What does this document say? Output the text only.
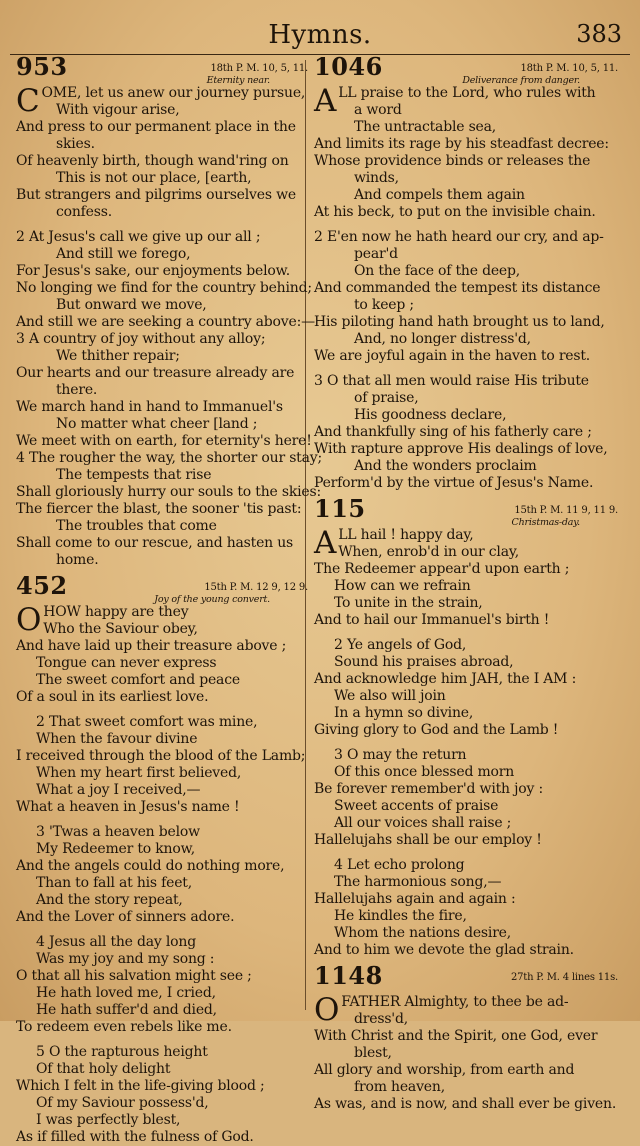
Hymns.	383
953	18th P. M. 10, 5, 11.
Eternity near.
C OME, let us anew our journey pursue,
With vigour arise,
And press to our permanent place in the
skies.
Of heavenly birth, though wand'ring on
This is not our place, [earth,
But strangers and pilgrims ourselves we
confess.
2 At Jesus's call we give up our all ;
And still we forego,
For Jesus's sake, our enjoyments below.
No longing we find for the country behind;
But onward we move,
And still we are seeking a country above:—
3 A country of joy without any alloy;
We thither repair;
Our hearts and our treasure already are
there.
We march hand in hand to Immanuel's
No matter what cheer [land ;
We meet with on earth, for eternity's here!
4 The rougher the way, the shorter our stay;
The tempests that rise
Shall gloriously hurry our souls to the skies:
The fiercer the blast, the sooner 'tis past:
The troubles that come
Shall come to our rescue, and hasten us
home.
452	15th P. M. 12 9, 12 9.
Joy of the young convert.
O HOW happy are they
Who the Saviour obey,
And have laid up their treasure above ;
Tongue can never express
The sweet comfort and peace
Of a soul in its earliest love.
2 That sweet comfort was mine,
When the favour divine
I received through the blood of the Lamb;
When my heart first believed,
What a joy I received,—
What a heaven in Jesus's name !
3 'Twas a heaven below
My Redeemer to know,
And the angels could do nothing more,
Than to fall at his feet,
And the story repeat,
And the Lover of sinners adore.
4 Jesus all the day long
Was my joy and my song :
O that all his salvation might see ;
He hath loved me, I cried,
He hath suffer'd and died,
To redeem even rebels like me.
5 O the rapturous height
Of that holy delight
Which I felt in the life-giving blood ;
Of my Saviour possess'd,
I was perfectly blest,
As if filled with the fulness of God.
1046	18th P. M. 10, 5, 11.
Deliverance from danger.
A LL praise to the Lord, who rules with
a word
The untractable sea,
And limits its rage by his steadfast decree:
Whose providence binds or releases the
winds,
And compels them again
At his beck, to put on the invisible chain.
2 E'en now he hath heard our cry, and ap-
pear'd
On the face of the deep,
And commanded the tempest its distance
to keep ;
His piloting hand hath brought us to land,
And, no longer distress'd,
We are joyful again in the haven to rest.
3 O that all men would raise His tribute
of praise,
His goodness declare,
And thankfully sing of his fatherly care ;
With rapture approve His dealings of love,
And the wonders proclaim
Perform'd by the virtue of Jesus's Name.
115	15th P. M. 11 9, 11 9.
Christmas-day.
A LL hail ! happy day,
When, enrob'd in our clay,
The Redeemer appear'd upon earth ;
How can we refrain
To unite in the strain,
And to hail our Immanuel's birth !
2 Ye angels of God,
Sound his praises abroad,
And acknowledge him JAH, the I AM :
We also will join
In a hymn so divine,
Giving glory to God and the Lamb !
3 O may the return
Of this once blessed morn
Be forever remember'd with joy :
Sweet accents of praise
All our voices shall raise ;
Hallelujahs shall be our employ !
4 Let echo prolong
The harmonious song,—
Hallelujahs again and again :
He kindles the fire,
Whom the nations desire,
And to him we devote the glad strain.
1148	27th P. M. 4 lines 11s.
O FATHER Almighty, to thee be ad-
dress'd,
With Christ and the Spirit, one God, ever
blest,
All glory and worship, from earth and
from heaven,
As was, and is now, and shall ever be given.
